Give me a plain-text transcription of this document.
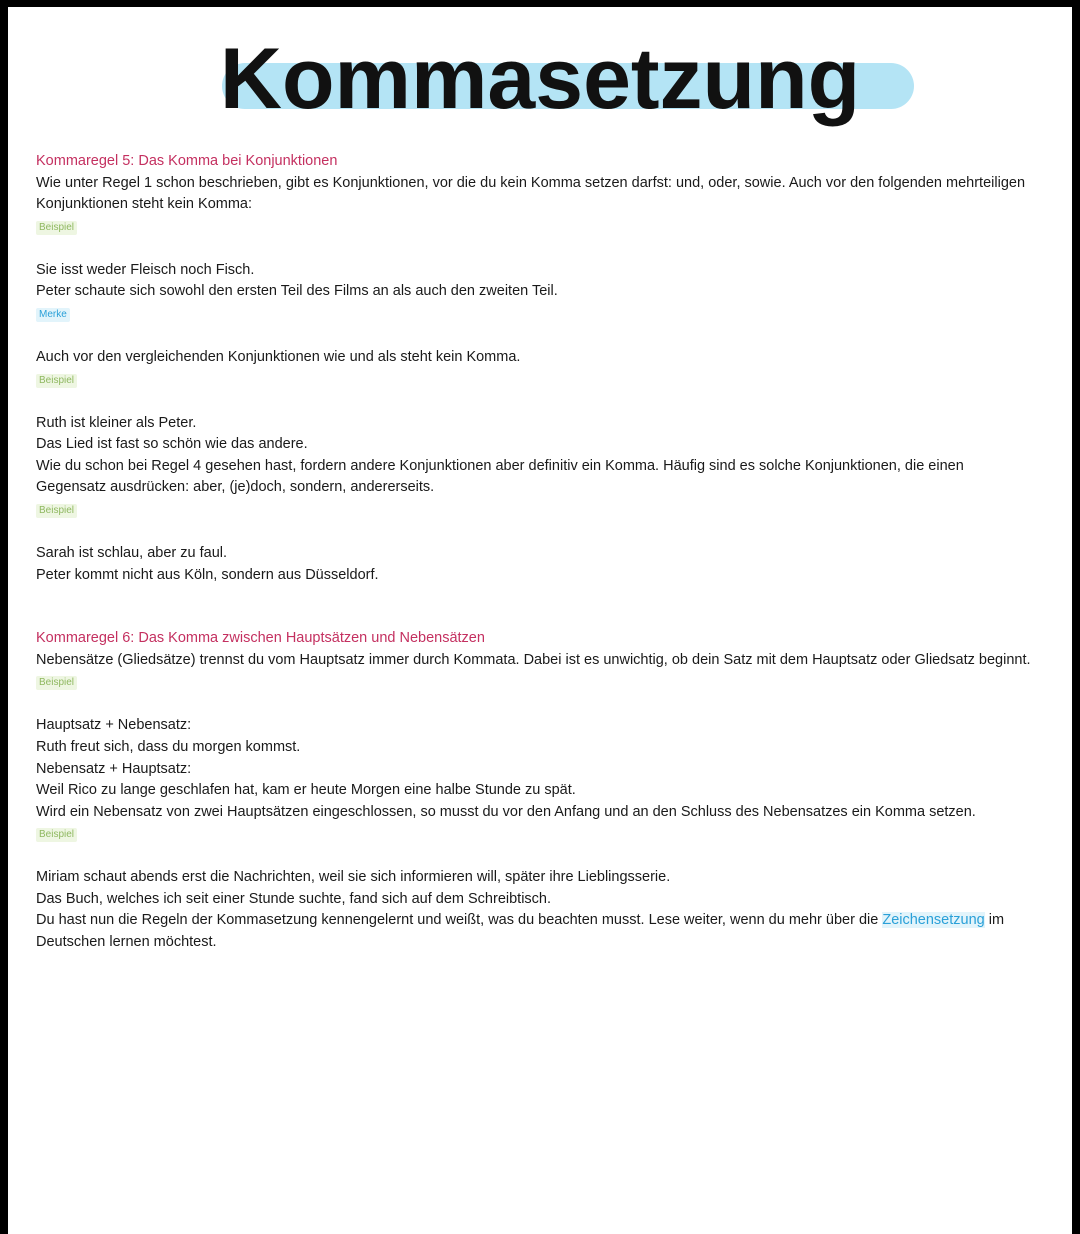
Kommasetzung

Kommaregel 5: Das Komma bei Konjunktionen

Wie unter Regel 1 schon beschrieben, gibt es Konjunktionen, vor die du kein Komma setzen darfst: und, oder, sowie. Auch vor den folgenden mehrteiligen Konjunktionen steht kein Komma:

Beispiel

Sie isst weder Fleisch noch Fisch.

Peter schaute sich sowohl den ersten Teil des Films an als auch den zweiten Teil.

Merke

Auch vor den vergleichenden Konjunktionen wie und als steht kein Komma.

Beispiel

Ruth ist kleiner als Peter.

Das Lied ist fast so schön wie das andere.

Wie du schon bei Regel 4 gesehen hast, fordern andere Konjunktionen aber definitiv ein Komma. Häufig sind es solche Konjunktionen, die einen Gegensatz ausdrücken: aber, (je)doch, sondern, andererseits.

Beispiel

Sarah ist schlau, aber zu faul.

Peter kommt nicht aus Köln, sondern aus Düsseldorf.

Kommaregel 6: Das Komma zwischen Hauptsätzen und Nebensätzen

Nebensätze (Gliedsätze) trennst du vom Hauptsatz immer durch Kommata. Dabei ist es unwichtig, ob dein Satz mit dem Hauptsatz oder Gliedsatz beginnt.

Beispiel

Hauptsatz + Nebensatz:

Ruth freut sich, dass du morgen kommst.

Nebensatz + Hauptsatz:

Weil Rico zu lange geschlafen hat, kam er heute Morgen eine halbe Stunde zu spät.

Wird ein Nebensatz von zwei Hauptsätzen eingeschlossen, so musst du vor den Anfang und an den Schluss des Nebensatzes ein Komma setzen.

Beispiel

Miriam schaut abends erst die Nachrichten, weil sie sich informieren will, später ihre Lieblingsserie.

Das Buch, welches ich seit einer Stunde suchte, fand sich auf dem Schreibtisch.

Du hast nun die Regeln der Kommasetzung kennengelernt und weißt, was du beachten musst. Lese weiter, wenn du mehr über die Zeichensetzung im Deutschen lernen möchtest.
